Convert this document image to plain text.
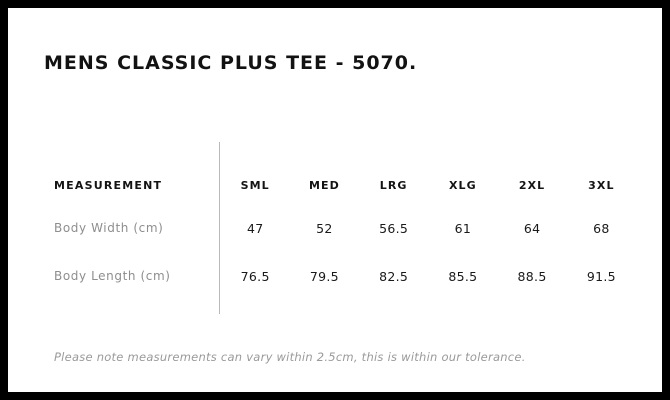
MENS CLASSIC PLUS TEE - 5070.
MEASUREMENT	SML	MED	LRG	XLG	2XL	3XL
Body Width (cm)	47	52	56.5	61	64	68
Body Length (cm)	76.5	79.5	82.5	85.5	88.5	91.5
Please note measurements can vary within 2.5cm, this is within our tolerance.
